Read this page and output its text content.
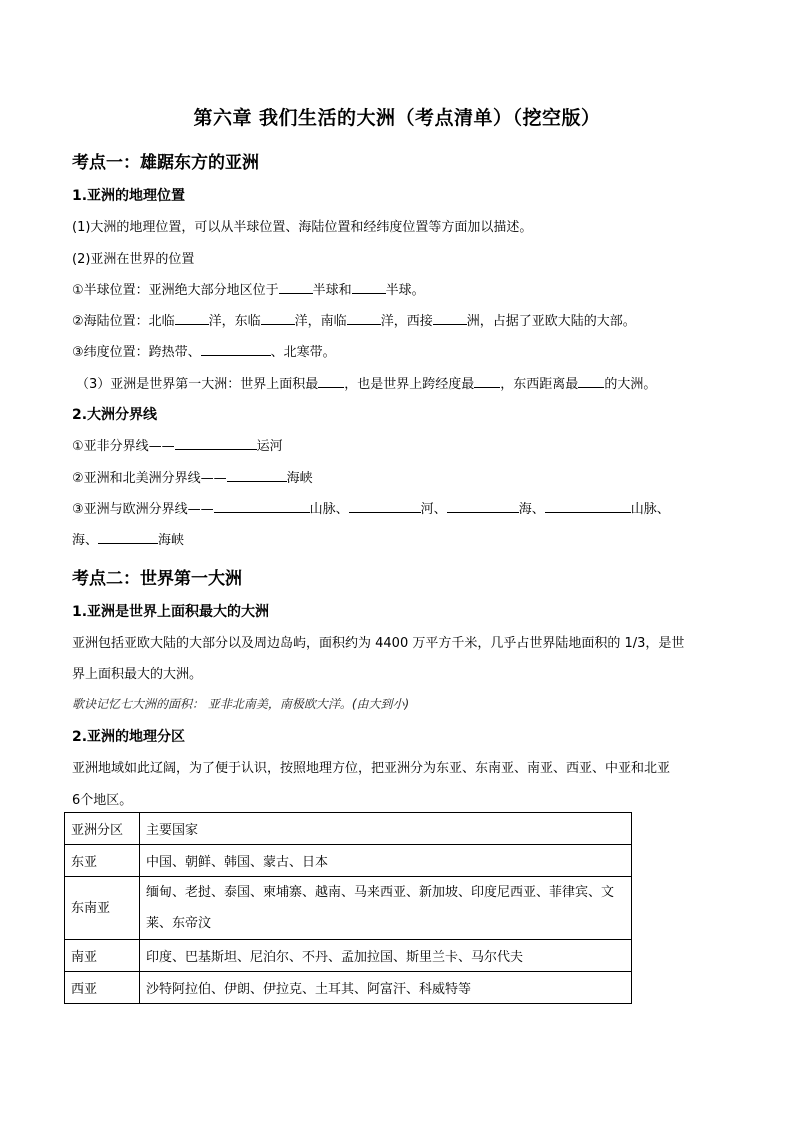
第六章 我们生活的大洲（考点清单）（挖空版）
考点一：雄踞东方的亚洲
1.亚洲的地理位置
(1)大洲的地理位置，可以从半球位置、海陆位置和经纬度位置等方面加以描述。
(2)亚洲在世界的位置
①半球位置：亚洲绝大部分地区位于	半球和	半球。
②海陆位置：北临	洋，东临	洋，南临	洋，西接	洲，占据了亚欧大陆的大部。
③纬度位置：跨热带、	、北寒带。
（3）亚洲是世界第一大洲：世界上面积最 ，也是世界上跨经度最 ，东西距离最 的大洲。
2.大洲分界线
①亚非分界线——	运河
②亚洲和北美洲分界线——	海峡
③亚洲与欧洲分界线——	山脉、	河、	海、	山脉、
海、	海峡
考点二：世界第一大洲
1.亚洲是世界上面积最大的大洲
亚洲包括亚欧大陆的大部分以及周边岛屿，面积约为 4400 万平方千米，几乎占世界陆地面积的 1/3，是世
界上面积最大的大洲。
歌诀记忆七大洲的面积： 亚非北南美，南极欧大洋。(由大到小)
2.亚洲的地理分区
亚洲地域如此辽阔，为了便于认识，按照地理方位，把亚洲分为东亚、东南亚、南亚、西亚、中亚和北亚
6个地区。
亚洲分区	主要国家
东亚	中国、朝鲜、韩国、蒙古、日本
东南亚	缅甸、老挝、泰国、柬埔寨、越南、马来西亚、新加坡、印度尼西亚、菲律宾、文莱、东帝汶
南亚	印度、巴基斯坦、尼泊尔、不丹、孟加拉国、斯里兰卡、马尔代夫
西亚	沙特阿拉伯、伊朗、伊拉克、土耳其、阿富汗、科威特等
